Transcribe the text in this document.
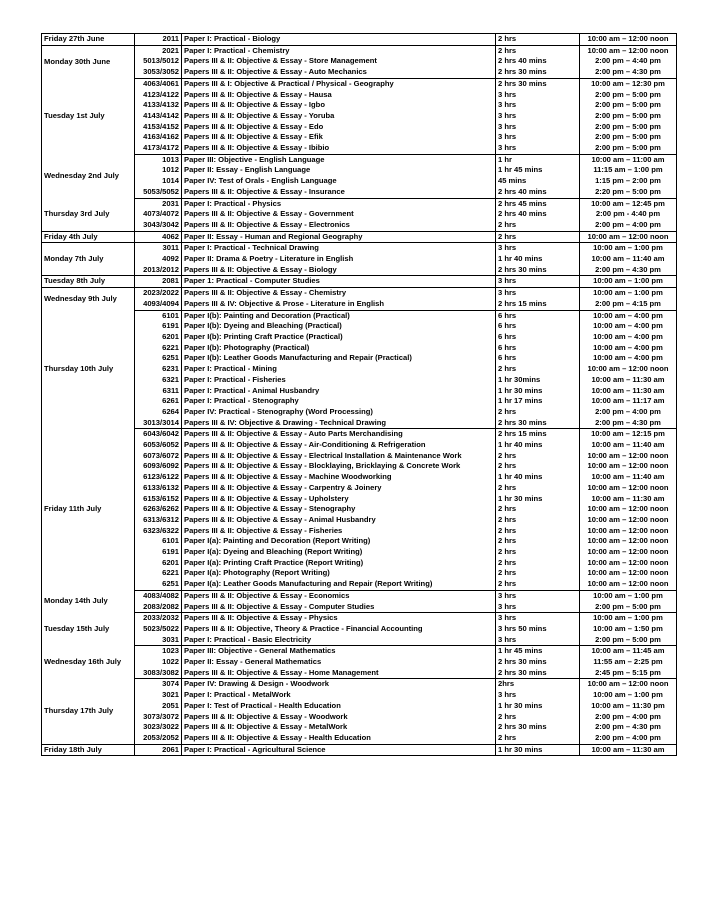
Friday 27th June	2011	Paper I: Practical - Biology	2 hrs	10:00 am – 12:00 noon
Monday 30th June	2021	Paper I: Practical - Chemistry	2 hrs	10:00 am – 12:00 noon
	5013/5012	Papers III & II: Objective & Essay - Store Management	2 hrs 40 mins	2:00 pm – 4:40 pm
	3053/3052	Papers III & II: Objective & Essay - Auto Mechanics	2 hrs 30 mins	2:00 pm – 4:30 pm
Tuesday 1st July	4063/4061	Papers III & I: Objective & Practical / Physical - Geography	2 hrs 30 mins	10:00 am – 12:30 pm
	4123/4122	Papers III & II: Objective & Essay - Hausa	3 hrs	2:00 pm – 5:00 pm
	4133/4132	Papers III & II: Objective & Essay - Igbo	3 hrs	2:00 pm – 5:00 pm
	4143/4142	Papers III & II: Objective & Essay - Yoruba	3 hrs	2:00 pm – 5:00 pm
	4153/4152	Papers III & II: Objective & Essay - Edo	3 hrs	2:00 pm – 5:00 pm
	4163/4162	Papers III & II: Objective & Essay - Efik	3 hrs	2:00 pm – 5:00 pm
	4173/4172	Papers III & II: Objective & Essay - Ibibio	3 hrs	2:00 pm – 5:00 pm
Wednesday 2nd July	1013	Paper III: Objective - English Language	1 hr	10:00 am – 11:00 am
	1012	Paper II: Essay - English Language	1 hr 45 mins	11:15 am – 1:00 pm
	1014	Paper IV: Test of Orals - English Language	45 mins	1:15 pm – 2:00 pm
	5053/5052	Papers III & II: Objective & Essay - Insurance	2 hrs 40 mins	2:20 pm – 5:00 pm
Thursday 3rd July	2031	Paper I: Practical - Physics	2 hrs 45 mins	10:00 am – 12:45 pm
	4073/4072	Papers III & II: Objective & Essay - Government	2 hrs 40 mins	2:00 pm - 4:40 pm
	3043/3042	Papers III & II: Objective & Essay - Electronics	2 hrs	2:00 pm – 4:00 pm
Friday 4th July	4062	Paper II: Essay - Human and Regional Geography	2 hrs	10:00 am – 12:00 noon
Monday 7th July	3011	Paper I: Practical - Technical Drawing	3 hrs	10:00 am – 1:00 pm
	4092	Paper II: Drama & Poetry - Literature in English	1 hr 40 mins	10:00 am – 11:40 am
	2013/2012	Papers III & II: Objective & Essay - Biology	2 hrs 30 mins	2:00 pm – 4:30 pm
Tuesday 8th July	2081	Paper 1: Practical - Computer Studies	3 hrs	10:00 am – 1:00 pm
Wednesday 9th July	2023/2022	Papers III & II: Objective & Essay - Chemistry	3 hrs	10:00 am – 1:00 pm
	4093/4094	Papers III & IV: Objective & Prose - Literature in English	2 hrs 15 mins	2:00 pm – 4:15 pm
Thursday 10th July	6101	Paper I(b): Painting and Decoration (Practical)	6 hrs	10:00 am – 4:00 pm
	6191	Paper I(b): Dyeing and Bleaching (Practical)	6 hrs	10:00 am – 4:00 pm
	6201	Paper I(b): Printing Craft Practice (Practical)	6 hrs	10:00 am – 4:00 pm
	6221	Paper I(b): Photography (Practical)	6 hrs	10:00 am – 4:00 pm
	6251	Paper I(b): Leather Goods Manufacturing and Repair (Practical)	6 hrs	10:00 am – 4:00 pm
	6231	Paper I: Practical - Mining	2 hrs	10:00 am – 12:00 noon
	6321	Paper I: Practical - Fisheries	1 hr 30mins	10:00 am – 11:30 am
	6311	Paper I: Practical - Animal Husbandry	1 hr 30 mins	10:00 am – 11:30 am
	6261	Paper I: Practical - Stenography	1 hr 17 mins	10:00 am – 11:17 am
	6264	Paper IV: Practical - Stenography (Word Processing)	2 hrs	2:00 pm – 4:00 pm
	3013/3014	Papers III & IV: Objective & Drawing - Technical Drawing	2 hrs 30 mins	2:00 pm – 4:30 pm
Friday 11th July	6043/6042	Papers III & II: Objective & Essay - Auto Parts Merchandising	2 hrs 15 mins	10:00 am – 12:15 pm
	6053/6052	Papers III & II: Objective & Essay - Air-Conditioning & Refrigeration	1 hr 40 mins	10:00 am – 11:40 am
	6073/6072	Papers III & II: Objective & Essay - Electrical Installation & Maintenance Work	2 hrs	10:00 am – 12:00 noon
	6093/6092	Papers III & II: Objective & Essay - Blocklaying, Bricklaying & Concrete Work	2 hrs	10:00 am – 12:00 noon
	6123/6122	Papers III & II: Objective & Essay - Machine Woodworking	1 hr 40 mins	10:00 am – 11:40 am
	6133/6132	Papers III & II: Objective & Essay - Carpentry & Joinery	2 hrs	10:00 am – 12:00 noon
	6153/6152	Papers III & II: Objective & Essay - Upholstery	1 hr 30 mins	10:00 am – 11:30 am
	6263/6262	Papers III & II: Objective & Essay - Stenography	2 hrs	10:00 am – 12:00 noon
	6313/6312	Papers III & II: Objective & Essay - Animal Husbandry	2 hrs	10:00 am – 12:00 noon
	6323/6322	Papers III & II: Objective & Essay - Fisheries	2 hrs	10:00 am – 12:00 noon
	6101	Paper I(a): Painting and Decoration (Report Writing)	2 hrs	10:00 am – 12:00 noon
	6191	Paper I(a): Dyeing and Bleaching (Report Writing)	2 hrs	10:00 am – 12:00 noon
	6201	Paper I(a): Printing Craft Practice (Report Writing)	2 hrs	10:00 am – 12:00 noon
	6221	Paper I(a): Photography (Report Writing)	2 hrs	10:00 am – 12:00 noon
	6251	Paper I(a): Leather Goods Manufacturing and Repair (Report Writing)	2 hrs	10:00 am – 12:00 noon
Monday 14th July	4083/4082	Papers III & II: Objective & Essay - Economics	3 hrs	10:00 am – 1:00 pm
	2083/2082	Papers III & II: Objective & Essay - Computer Studies	3 hrs	2:00 pm – 5:00 pm
Tuesday 15th July	2033/2032	Papers III & II: Objective & Essay - Physics	3 hrs	10:00 am – 1:00 pm
	5023/5022	Papers III & II: Objective, Theory & Practice - Financial Accounting	3 hrs 50 mins	10:00 am – 1:50 pm
	3031	Paper I: Practical - Basic Electricity	3 hrs	2:00 pm – 5:00 pm
Wednesday 16th July	1023	Paper III: Objective - General Mathematics	1 hr 45 mins	10:00 am – 11:45 am
	1022	Paper II: Essay - General Mathematics	2 hrs 30 mins	11:55 am – 2:25 pm
	3083/3082	Papers III & II: Objective & Essay - Home Management	2 hrs 30 mins	2:45 pm – 5:15 pm
Thursday 17th July	3074	Paper IV: Drawing & Design - Woodwork	2hrs	10:00 am – 12:00 noon
	3021	Paper I: Practical - MetalWork	3 hrs	10:00 am – 1:00 pm
	2051	Paper I: Test of Practical - Health Education	1 hr 30 mins	10:00 am – 11:30 pm
	3073/3072	Papers III & II: Objective & Essay - Woodwork	2 hrs	2:00 pm – 4:00 pm
	3023/3022	Papers III & II: Objective & Essay - MetalWork	2 hrs 30 mins	2:00 pm – 4:30 pm
	2053/2052	Papers III & II: Objective & Essay - Health Education	2 hrs	2:00 pm – 4:00 pm
Friday 18th July	2061	Paper I: Practical - Agricultural Science	1 hr 30 mins	10:00 am – 11:30 am
